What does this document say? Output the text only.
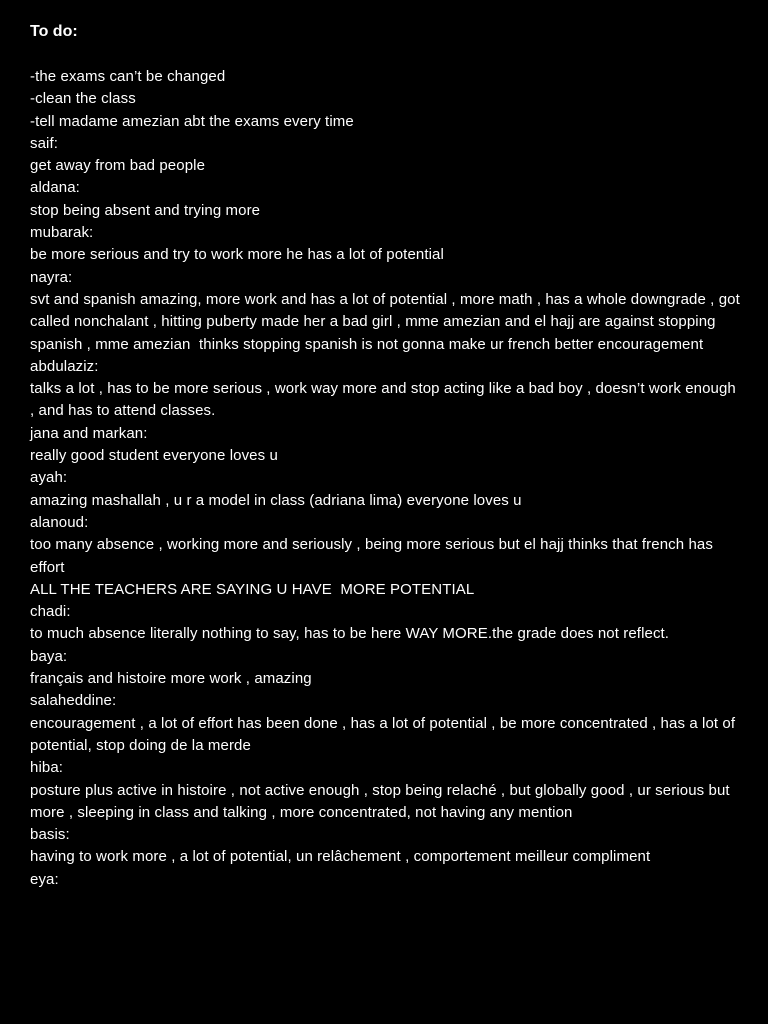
To do:
-the exams can’t be changed
-clean the class
-tell madame amezian abt the exams every time
saif:
get away from bad people
aldana:
stop being absent and trying more
mubarak:
be more serious and try to work more he has a lot of potential
nayra:
svt and spanish amazing, more work and has a lot of potential , more math , has a whole downgrade , got called nonchalant , hitting puberty made her a bad girl , mme amezian and el hajj are against stopping spanish , mme amezian  thinks stopping spanish is not gonna make ur french better encouragement
abdulaziz:
talks a lot , has to be more serious , work way more and stop acting like a bad boy , doesn’t work enough , and has to attend classes.
jana and markan:
really good student everyone loves u
ayah:
amazing mashallah , u r a model in class (adriana lima) everyone loves u
alanoud:
too many absence , working more and seriously , being more serious but el hajj thinks that french has effort
ALL THE TEACHERS ARE SAYING U HAVE  MORE POTENTIAL
chadi:
to much absence literally nothing to say, has to be here WAY MORE.the grade does not reflect.
baya:
français and histoire more work , amazing
salaheddine:
encouragement , a lot of effort has been done , has a lot of potential , be more concentrated , has a lot of potential, stop doing de la merde
hiba:
posture plus active in histoire , not active enough , stop being relaché , but globally good , ur serious but more , sleeping in class and talking , more concentrated, not having any mention
basis:
having to work more , a lot of potential, un relâchement , comportement meilleur compliment
eya:
